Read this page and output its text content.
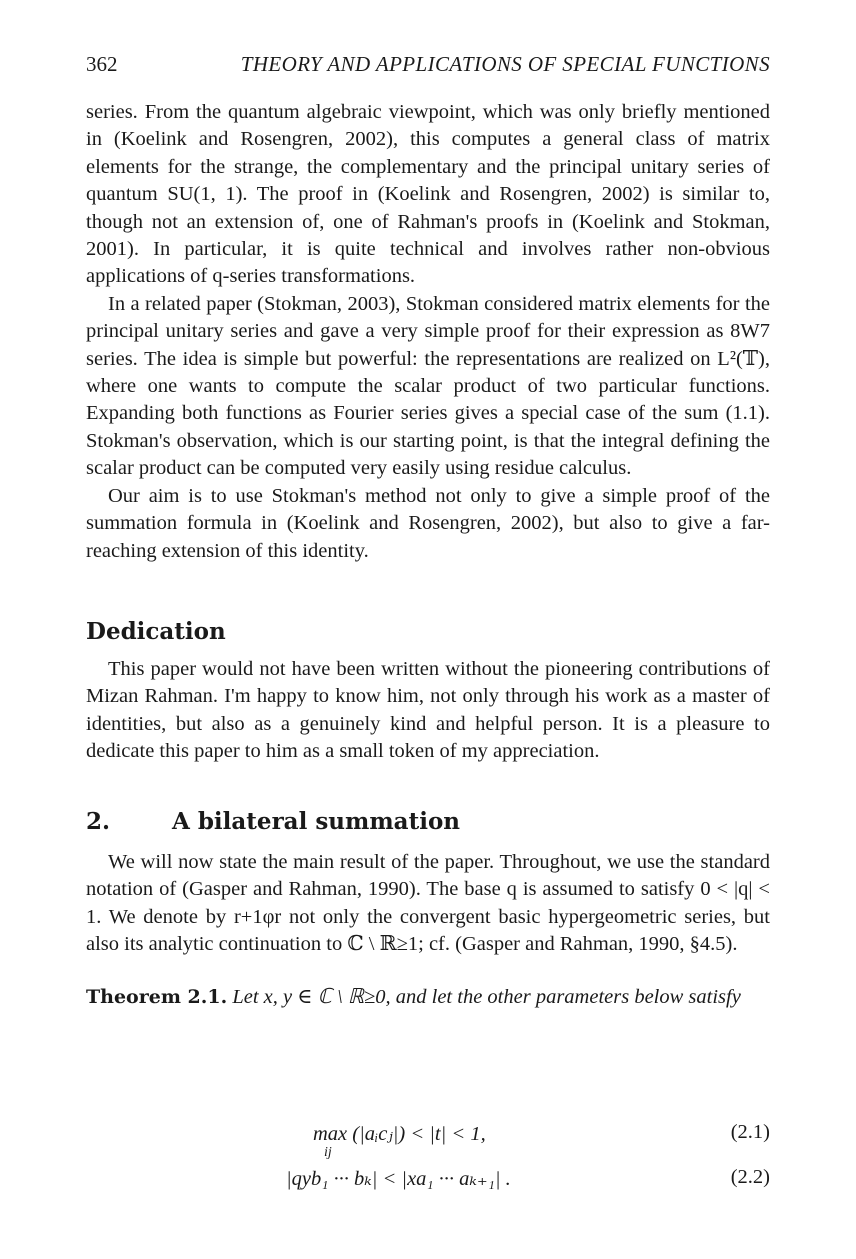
362	THEORY AND APPLICATIONS OF SPECIAL FUNCTIONS

series. From the quantum algebraic viewpoint, which was only briefly mentioned in (Koelink and Rosengren, 2002), this computes a general class of matrix elements for the strange, the complementary and the principal unitary series of quantum SU(1, 1). The proof in (Koelink and Rosengren, 2002) is similar to, though not an extension of, one of Rahman's proofs in (Koelink and Stokman, 2001). In particular, it is quite technical and involves rather non-obvious applications of q-series transformations.

In a related paper (Stokman, 2003), Stokman considered matrix elements for the principal unitary series and gave a very simple proof for their expression as 8W7 series. The idea is simple but powerful: the representations are realized on L²(𝕋), where one wants to compute the scalar product of two particular functions. Expanding both functions as Fourier series gives a special case of the sum (1.1). Stokman's observation, which is our starting point, is that the integral defining the scalar product can be computed very easily using residue calculus.

Our aim is to use Stokman's method not only to give a simple proof of the summation formula in (Koelink and Rosengren, 2002), but also to give a far-reaching extension of this identity.

Dedication

This paper would not have been written without the pioneering contributions of Mizan Rahman. I'm happy to know him, not only through his work as a master of identities, but also as a genuinely kind and helpful person. It is a pleasure to dedicate this paper to him as a small token of my appreciation.

2.	A bilateral summation

We will now state the main result of the paper. Throughout, we use the standard notation of (Gasper and Rahman, 1990). The base q is assumed to satisfy 0 < |q| < 1. We denote by r+1φr not only the convergent basic hypergeometric series, but also its analytic continuation to ℂ \ ℝ≥1; cf. (Gasper and Rahman, 1990, §4.5).

Theorem 2.1. Let x, y ∈ ℂ \ ℝ≥0, and let the other parameters below satisfy
max (|aᵢcⱼ|) < |t| < 1,	(2.1)
ij
|qyb₁ ··· bₖ| < |xa₁ ··· aₖ₊₁| .	(2.2)
